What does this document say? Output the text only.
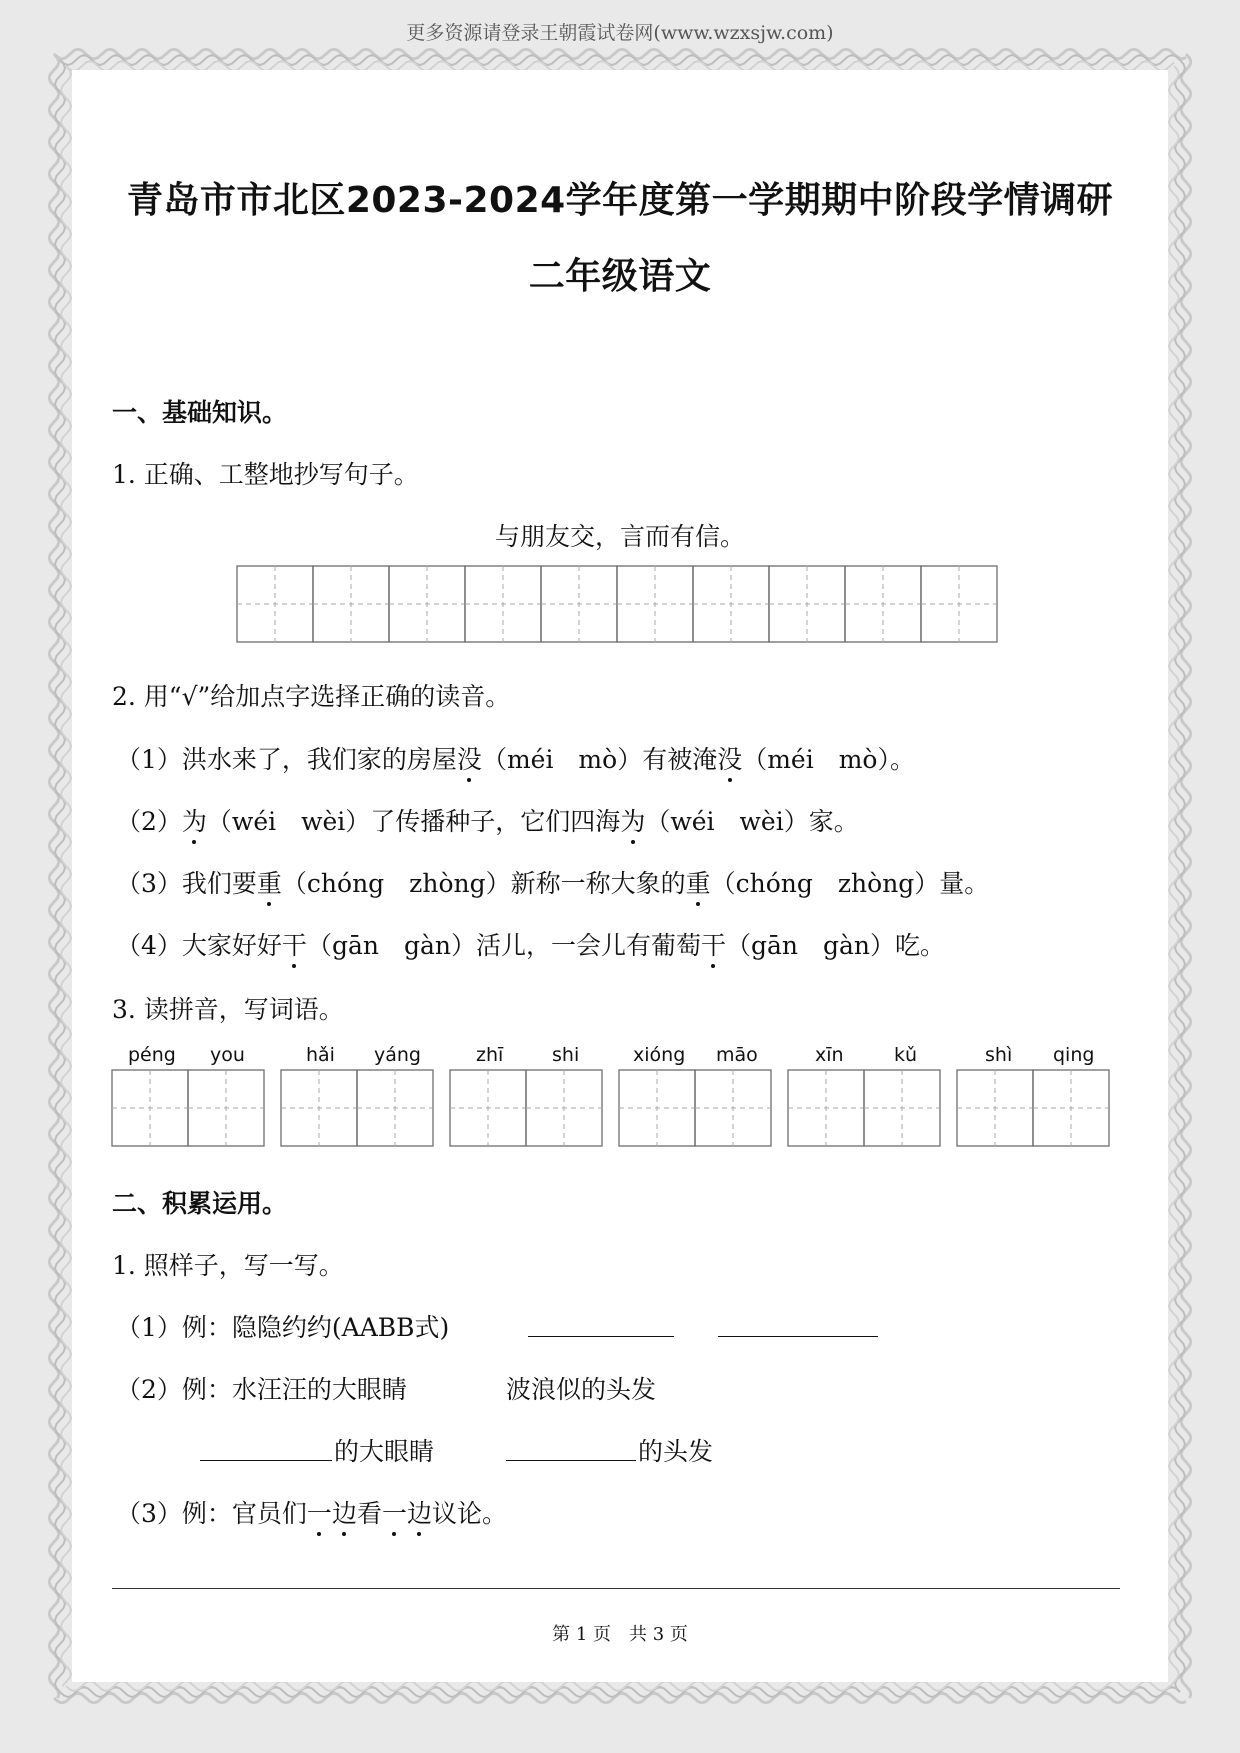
更多资源请登录王朝霞试卷网(www.wzxsjw.com)
青岛市市北区2023-2024学年度第一学期期中阶段学情调研
二年级语文
一、基础知识。
1. 正确、工整地抄写句子。
与朋友交，言而有信。
2. 用“√”给加点字选择正确的读音。
（1）洪水来了，我们家的房屋没（méi　mò）有被淹没（méi　mò）。
（2）为（wéi　wèi）了传播种子，它们四海为（wéi　wèi）家。
（3）我们要重（chóng　zhòng）新称一称大象的重（chóng　zhòng）量。
（4）大家好好干（gān　gàn）活儿，一会儿有葡萄干（gān　gàn）吃。
3. 读拼音，写词语。
péng you	hǎi yáng	zhī	shi	xióng māo	xīn	kǔ	shì qing
二、积累运用。
1. 照样子，写一写。
（1）例：隐隐约约(AABB式)
（2）例：水汪汪的大眼睛	波浪似的头发
的大眼睛	的头发
（3）例：官员们一边看一边议论。
第 1 页　共 3 页
